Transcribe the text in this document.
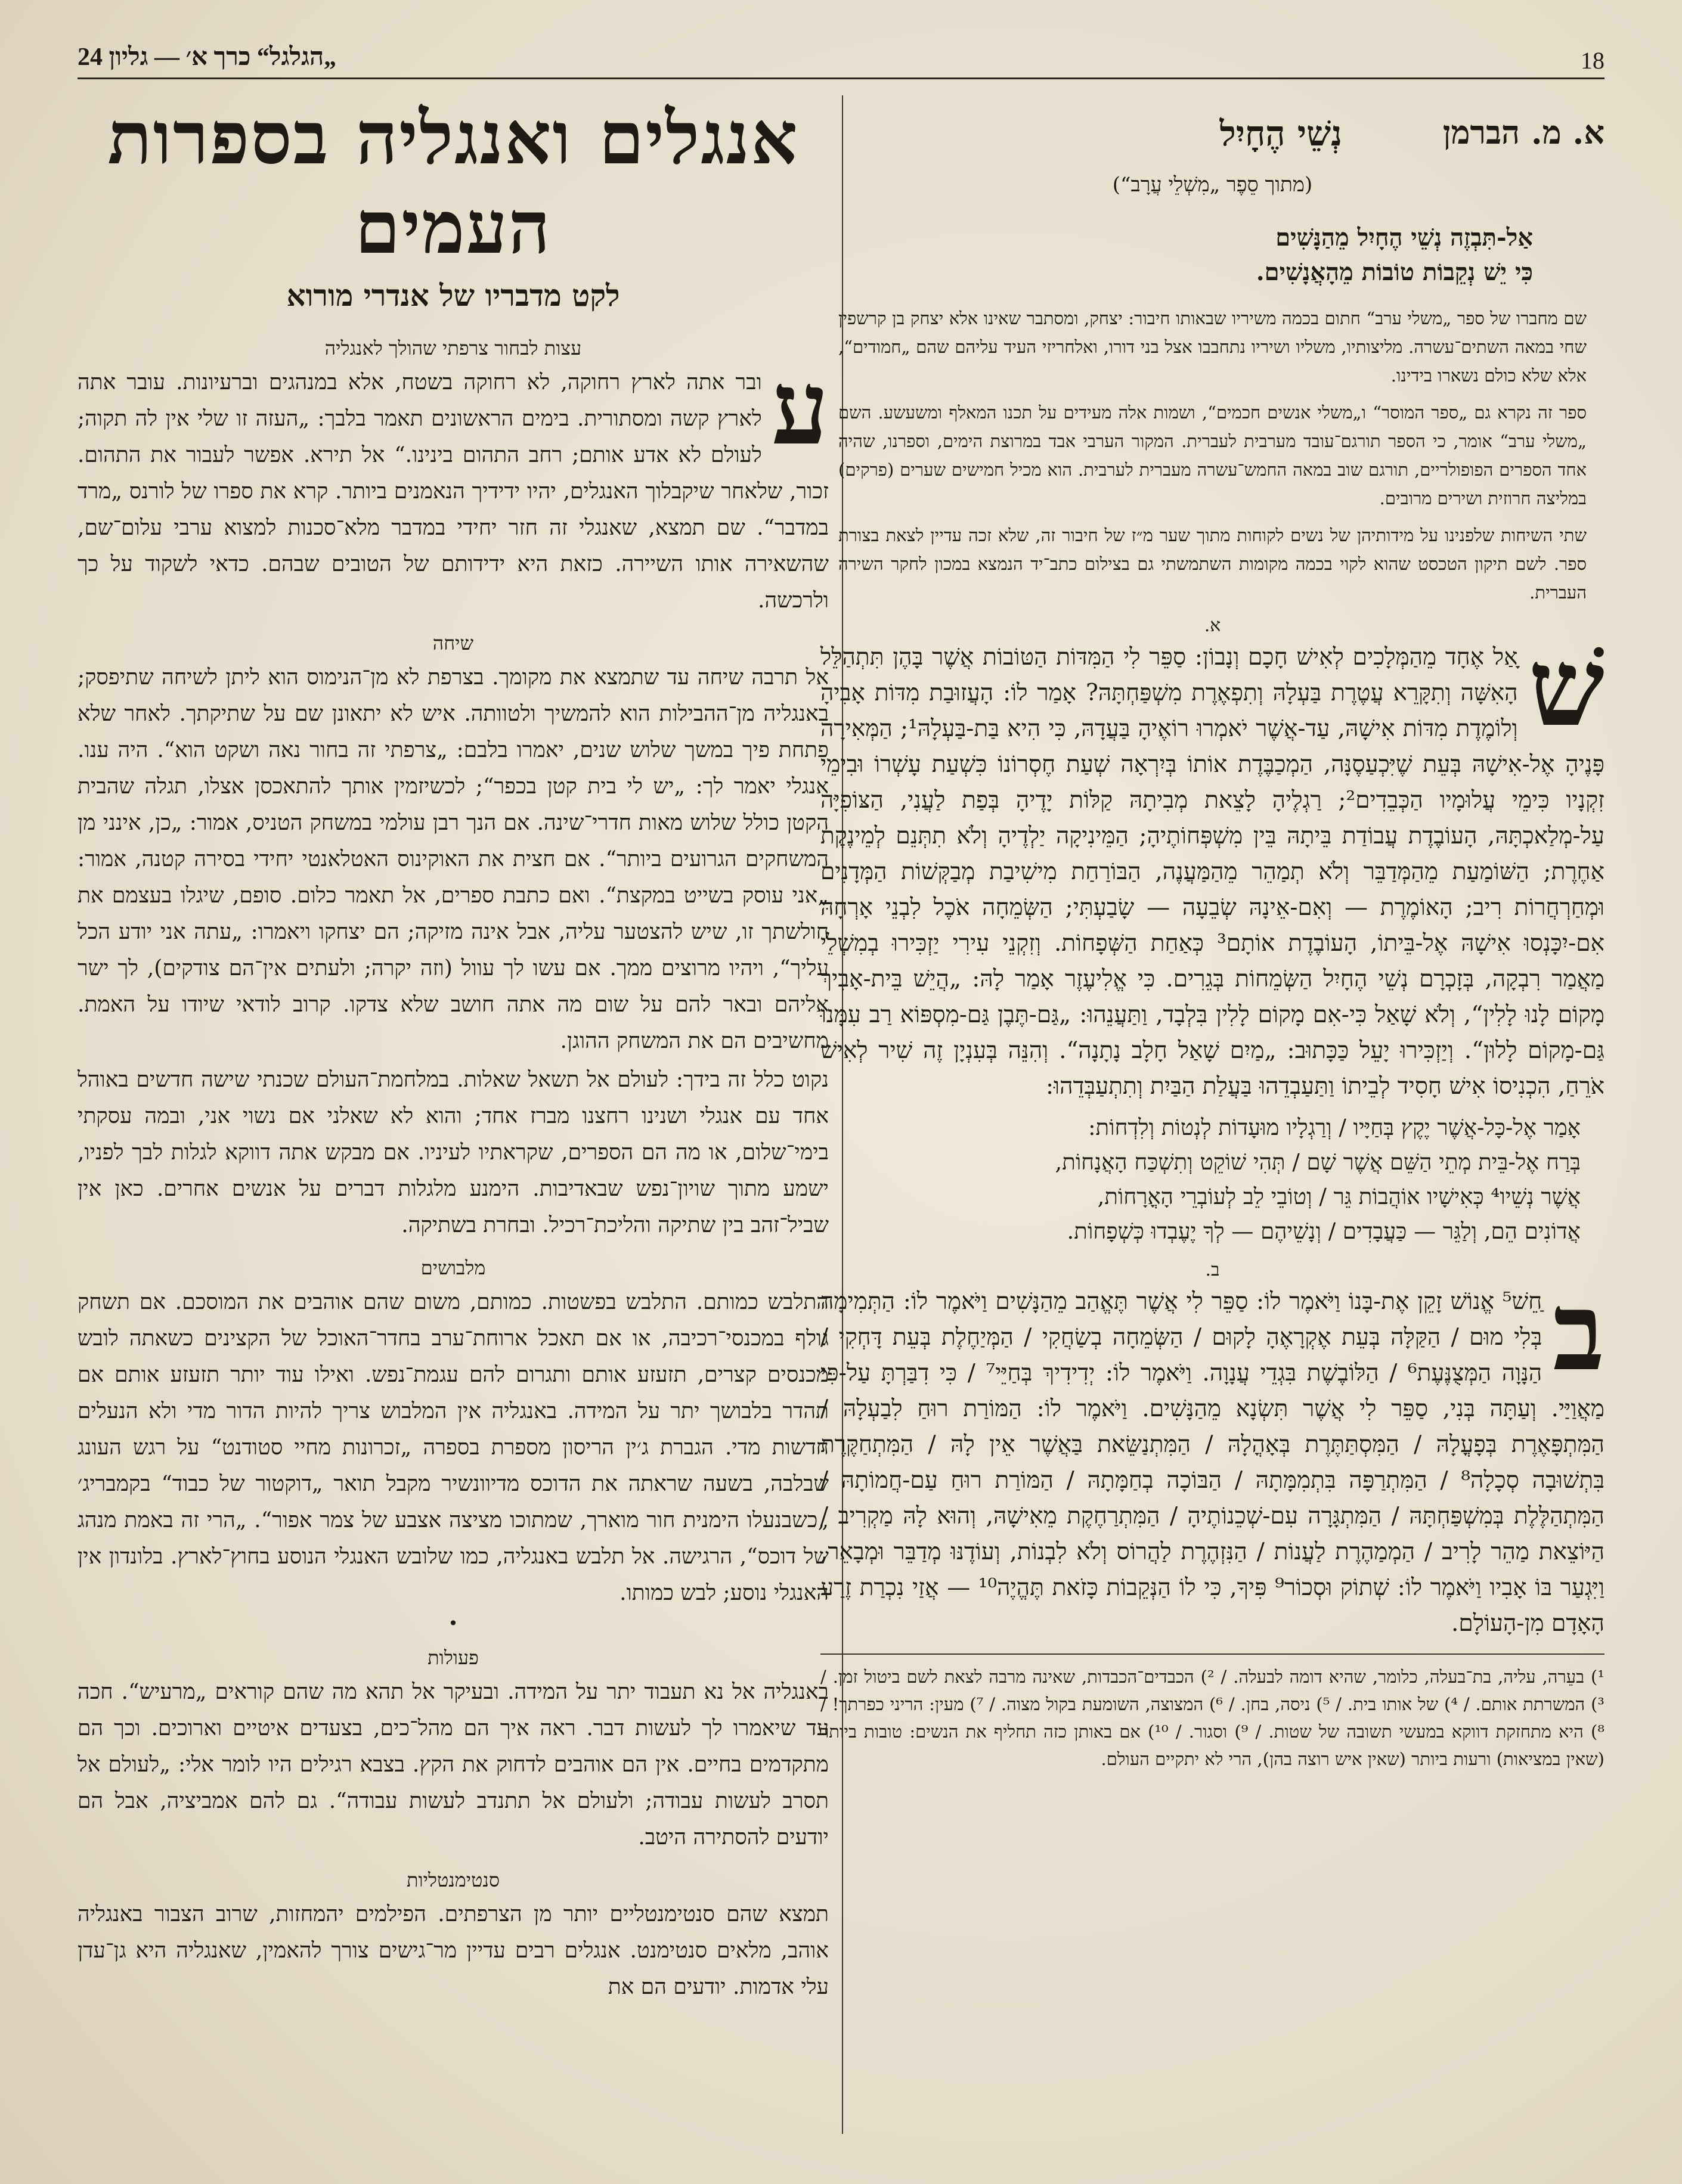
18
„הגלגל“ כרך א׳ — גליון 24
א. מ. הברמן
נְשֵׁי הֶחָיִל
(מתוך סֵפֶר „מִשְׁלֵי עֲרָב“)
אַל-תִּבְזֶה נְשֵׁי הֶחָיִל מֵהַנָּשִׁים
כִּי יֵשׁ נְקֵבוֹת טוֹבוֹת מֵהָאֲנָשִׁים.

שם מחברו של ספר „משלי ערב“ חתום בכמה משיריו שבאותו חיבור: יצחק, ומסתבר שאינו אלא יצחק בן קרשפין שחי במאה השתים־עשרה. מליצותיו, משליו ושיריו נתחבבו אצל בני דורו, ואלחריזי העיד עליהם שהם „חמודים“, אלא שלא כולם נשארו בידינו.

ספר זה נקרא גם „ספר המוסר“ ו„משלי אנשים חכמים“, ושמות אלה מעידים על תכנו המאלף ומשעשע. השם „משלי ערב“ אומר, כי הספר תורגם־עובד מערבית לעברית. המקור הערבי אבד במרוצת הימים, וספרנו, שהיה אחד הספרים הפופולריים, תורגם שוב במאה החמש־עשרה מעברית לערבית. הוא מכיל חמישים שערים (פרקים) במליצה חרוזית ושירים מרובים.

שתי השיחות שלפנינו על מידותיהן של נשים לקוחות מתוך שער מ״ז של חיבור זה, שלא זכה עדיין לצאת בצורת ספר. לשם תיקון הטכסט שהוא לקוי בכמה מקומות השתמשתי גם בצילום כתב־יד הנמצא במכון לחקר השירה העברית.

א.	שׁ
ָאַל אֶחָד מֵהַמְּלָכִים לְאִישׁ חָכָם וְנָבוֹן: סַפֵּר לִי הַמִּדּוֹת הַטּוֹבוֹת אֲשֶׁר בָּהֶן תִּתְהַלֵּל הָאִשָּׁה וְתִקָּרֵא עֲטֶרֶת בַּעְלָהּ וְתִפְאֶרֶת מִשְׁפַּחְתָּהּ? אָמַר לוֹ: הָעֲזוּבַת מִדּוֹת אָבִיהָ וְלוֹמֶדֶת מִדּוֹת אִישָׁהּ, עַד-אֲשֶׁר יֹאמְרוּ רוֹאֶיהָ בַּעֲדָהּ, כִּי הִיא בַּת-בַּעְלָהּ¹; הַמְּאִירָה פָּנֶיהָ אֶל-אִישָׁהּ בְּעֵת שֶׁיִּכְעַסֶנָּה, הַמְכַבֶּדֶת אוֹתוֹ בְּיִרְאָה שְׁעַת חֶסְרוֹנוֹ כִּשְׁעַת עָשְׁרוֹ וּבִימֵי זִקְנָיו כִּימֵי עֲלוּמָיו הַכְּבֵדִים²; רַגְלֶיהָ לָצֵאת מְבִיתָהּ קַלּוֹת יָדֶיהָ בְּפַת לַעֲנִי, הַצּוֹפִיָּה עַל-מְלַאכְתָּהּ, הָעוֹבֶדֶת עֲבוֹדַת בֵּיתָהּ בֵּין מִשְׁפְּחוֹתֶיהָ; הַמֵּינִיקָה יַלְדֶיהָ וְלֹא תִתְּנֵם לְמֵינֶקֶת אַחֶרֶת; הַשּׁוֹמַעַת מֵהַמְּדַבֵּר וְלֹא תְמַהֵר מֵהַמַּעֲנֶה, הַבּוֹרַחַת מִישִׁיבַת מְבַקְּשׁוֹת הַמְּדָנִים וּמְחַרְחֲרוֹת רִיב; הָאוֹמֶרֶת — וְאִם-אֵינָהּ שְׂבֵעָה — שָׂבַעְתִּי; הַשְּׂמֵחָה אֹכֶל לִבְנֵי אָרְחָהּ אִם-יִכָּנְסוּ אִישָׁהּ אֶל-בֵּיתוֹ, הָעוֹבֶדֶת אוֹתָם³ כְּאַחַת הַשְּׁפָחוֹת. וְזִקְנֵי עִירִי יַזְכִּירוּ בְמִשְׁלֵי מַאֲמַר רִבְקָה, בְּזָכְרָם נְשֵׁי הֶחָיִל הַשְּׂמֵחוֹת בְּגֵרִים. כִּי אֱלִיעֶזֶר אָמַר לָהּ: „הֲיֵשׁ בֵּית-אָבִיךְ מָקוֹם לָנוּ לָלִין“, וְלֹא שָׁאַל כִּי-אִם מָקוֹם לָלִין בִּלְבָד, וַתַּעֲנֵהוּ: „גַּם-תֶּבֶן גַּם-מִסְפּוֹא רַב עִמָּנוּ גַּם-מָקוֹם לָלוּן“. וְיַזְכִּירוּ יָעֵל כַּכָּתוּב: „מַיִם שָׁאַל חָלָב נָתָנָה“. וְהִנֵּה בְּעִנְיָן זֶה שִׁיר לְאִישׁ אֹרֵחַ, הִכְנִיסוֹ אִישׁ חָסִיד לְבֵיתוֹ וַתַּעַבְדֵהוּ בַּעֲלַת הַבַּיִת וְתִתְעַבְּדֵהוּ:

אָמַר אֶל-כָּל-אֲשֶׁר יֶקֶץ בְּחַיָּיו / וְרַגְלָיו מוּעָדוֹת לְנְטוֹת וְלִדְחוֹת:
בְּרַח אֶל-בֵּית מְתֵי הַשֵּׁם אֲשֶׁר שָׁם / תְּהִי שׁוֹקֵט וְתִשְׁכַּח הָאֲנָחוֹת,
אֲשֶׁר נְשֵׁיו⁴ כְּאִישָׁיו אוֹהֲבוֹת גֵּר / וְטוֹבֵי לֵב לְעוֹבְרֵי הָאֳרָחוֹת,
אֲדוֹנִים הֵם, וְלַגֵּר — כַּעֲבָדִים / וְנָשֵׁיהֶם — לְךָ יֶעֶבְדוּ כְּשְׁפָחוֹת.
ב.	ב
ַחֵשׁ⁵ אֱנוֹשׁ זָקֵן אֶת-בָּנוֹ וַיֹּאמֶר לוֹ: סַפֵּר לִי אֲשֶׁר תֶּאֱהַב מֵהַנָּשִׁים וַיֹּאמֶר לוֹ: הַתְּמִימָה בְּלִי מוּם / הַקַּלָּה בְּעֵת אֶקְרָאֶהָ לָקוּם / הַשְּׂמֵחָה בְשַׂחֲקִי / הַמְּיַחֶלֶת בְּעֵת דָּחְקִי / הַנָּוָה הַמְּצֻנֶּעֶת⁶ / הַלּוֹבֶשֶׁת בִּגְדֵי עֲנָוָה. וַיֹּאמֶר לוֹ: יְדִידִיךְ בְּחַיֵּי⁷ / כִּי דִבַּרְתָּ עַל-פִּי מַאֲוַיַּי. וְעַתָּה בְּנִי, סַפֵּר לִי אֲשֶׁר תִּשְׂנָא מֵהַנָּשִׁים. וַיֹּאמֶר לוֹ: הַמּוֹרַת רוּחַ לִבַעְלָהּ / הַמִּתְפָּאֶרֶת בְּפָעֳלָהּ / הַמִּסְתַּתֶּרֶת בְּאָהֳלָהּ / הַמִּתְנַשֵּׂאת בַּאֲשֶׁר אֵין לָהּ / הַמִּתְחַקֶּרֶת בִּתְשׁוּבָה סְכָלָה⁸ / הַמִּתְרַפָּה בִּתְמִמָּתָהּ / הַבּוֹכָה בְחַמָּתָהּ / הַמּוֹרַת רוּחַ עַם-חֲמוֹתָהּ / הַמִּתְהַלֶּלֶת בְּמִשְׁפַּחְתָּהּ / הַמִּתְגָּרָה עִם-שְׁכֵנוֹתֶיהָ / הַמִּתְרַחֶקֶת מֵאִישָׁהּ, וְהוּא לָהּ מַקְרִיב / הַיּוֹצֵאת מַהֵר לָרִיב / הַמְמַהֶרֶת לַעֲנוֹת / הַנִּזְהֶרֶת לַהֲרוֹס וְלֹא לִבְנוֹת, וְעוֹדֶנּוּ מְדַבֵּר וּמְבָאֵר, וַיִּגְעַר בּוֹ אָבִיו וַיֹּאמֶר לוֹ: שְׁתוֹק וּסְכוֹר⁹ פִּיךָ, כִּי לוֹ הַנְּקֵבוֹת כָּזֹאת תֶּהֱיֶה¹⁰ — אֲזַי נִכְרַת זֶרַע הָאָדָם מִן-הָעוֹלָם.

¹) בעֵרה, עליה, בת־בעלה, כלומר, שהיא דומה לבעלה. / ²) הכבדים־הכבדות, שאינה מרבה לצאת לשם ביטול זמן. / ³) המשרתת אותם. / ⁴) של אותו בית. / ⁵) ניסה, בחן. / ⁶) המצוצה, השומעת בקול מצוה. / ⁷) מעין: הריני כפרתך! / ⁸) היא מתחזקת דווקא במעשי תשובה של שטות. / ⁹) וסגור. / ¹⁰) אם באותן כזה תחליף את הנשים: טובות ביותר (שאין במציאות) ורעות ביותר (שאין איש רוצה בהן), הרי לא יתקיים העולם.
אנגלים ואנגליה בספרות העמים
לקט מדבריו של אנדרי מורוא
עצות לבחור צרפתי שהולך לאנגליה

ע
ובר אתה לארץ רחוקה, לא רחוקה בשטח, אלא במנהגים וברעיונות. עובר אתה לארץ קשה ומסתורית. בימים הראשונים תאמר בלבך: „העזה זו שלי אין לה תקוה; לעולם לא אדע אותם; רחב התהום בינינו.“ אל תירא. אפשר לעבור את התהום. זכור, שלאחר שיקבלוך האנגלים, יהיו ידידיך הנאמנים ביותר. קרא את ספרו של לורנס „מרד במדבר“. שם תמצא, שאנגלי זה חזר יחידי במדבר מלא־סכנות למצוא ערבי עלום־שם, שהשאירה אותו השיירה. כזאת היא ידידותם של הטובים שבהם. כדאי לשקוד על כך ולרכשה.

שיחה

אל תרבה שיחה עד שתמצא את מקומך. בצרפת לא מן־הנימוס הוא ליתן לשיחה שתיפסק; באנגליה מן־ההבילות הוא להמשיך ולטוותה. איש לא יתאונן שם על שתיקתך. לאחר שלא פתחת פיך במשך שלוש שנים, יאמרו בלבם: „צרפתי זה בחור נאה ושקט הוא“. היה ענו. אנגלי יאמר לך: „יש לי בית קטן בכפר“; לכשיזמין אותך להתאכסן אצלו, תגלה שהבית הקטן כולל שלוש מאות חדרי־שינה. אם הנך רבן עולמי במשחק הטניס, אמור: „כן, אינני מן המשחקים הגרועים ביותר“. אם חצית את האוקינוס האטלאנטי יחידי בסירה קטנה, אמור: „אני עוסק בשייט במקצת“. ואם כתבת ספרים, אל תאמר כלום. סופם, שיגלו בעצמם את חולשתך זו, שיש להצטער עליה, אבל אינה מזיקה; הם יצחקו ויאמרו: „עתה אני יודע הכל עליך“, ויהיו מרוצים ממך. אם עשו לך עוול (וזה יקרה; ולעתים אין־הם צודקים), לך ישר אליהם ובאר להם על שום מה אתה חושב שלא צדקו. קרוב לודאי שיודו על האמת. מחשיבים הם את המשחק ההוגן.

נקוט כלל זה בידך: לעולם אל תשאל שאלות. במלחמת־העולם שכנתי שישה חדשים באוהל אחד עם אנגלי ושנינו רחצנו מברז אחד; והוא לא שאלני אם נשוי אני, ובמה עסקתי בימי־שלום, או מה הם הספרים, שקראתיו לעיניו. אם מבקש אתה דווקא לגלות לבך לפניו, ישמע מתוך שויון־נפש שבאדיבות. הימנע מלגלות דברים על אנשים אחרים. כאן אין שביל־זהב בין שתיקה והליכת־רכיל. ובחרת בשתיקה.

מלבושים

התלבש כמותם. התלבש בפשטות. כמותם, משום שהם אוהבים את המוסכם. אם תשחק גולף במכנסי־רכיבה, או אם תאכל ארוחת־ערב בחדר־האוכל של הקצינים כשאתה לובש מכנסים קצרים, תזעזע אותם ותגרום להם עגמת־נפש. ואילו עוד יותר תזעזע אותם אם תהדר בלבושך יתר על המידה. באנגליה אין המלבוש צריך להיות הדור מדי ולא הנעלים חדשות מדי. הגברת ג׳ין הריסון מספרת בספרה „זכרונות מחיי סטודנט“ על רגש העונג שבלבה, בשעה שראתה את הדוכס מדיוונשיר מקבל תואר „דוקטור של כבוד“ בקמבריג׳ „כשבנעלו הימנית חור מוארך, שמתוכו מציצה אצבע של צמר אפור“. „הרי זה באמת מנהג של דוכס“, הרגישה. אל תלבש באנגליה, כמו שלובש האנגלי הנוסע בחוץ־לארץ. בלונדון אין האנגלי נוסע; לבש כמותו.

•
פעולות

באנגליה אל נא תעבוד יתר על המידה. ובעיקר אל תהא מה שהם קוראים „מרעיש“. חכה עד שיאמרו לך לעשות דבר. ראה איך הם מהל־כים, בצעדים איטיים וארוכים. וכך הם מתקדמים בחיים. אין הם אוהבים לדחוק את הקץ. בצבא רגילים היו לומר אלי: „לעולם אל תסרב לעשות עבודה; ולעולם אל תתנדב לעשות עבודה“. גם להם אמביציה, אבל הם יודעים להסתירה היטב.

סנטימנטליות

תמצא שהם סנטימנטליים יותר מן הצרפתים. הפילמים יהמחזות, שרוב הצבור באנגליה אוהב, מלאים סנטימנט. אנגלים רבים עדיין מר־גישים צורך להאמין, שאנגליה היא גן־עדן עלי אדמות. יודעים הם את
